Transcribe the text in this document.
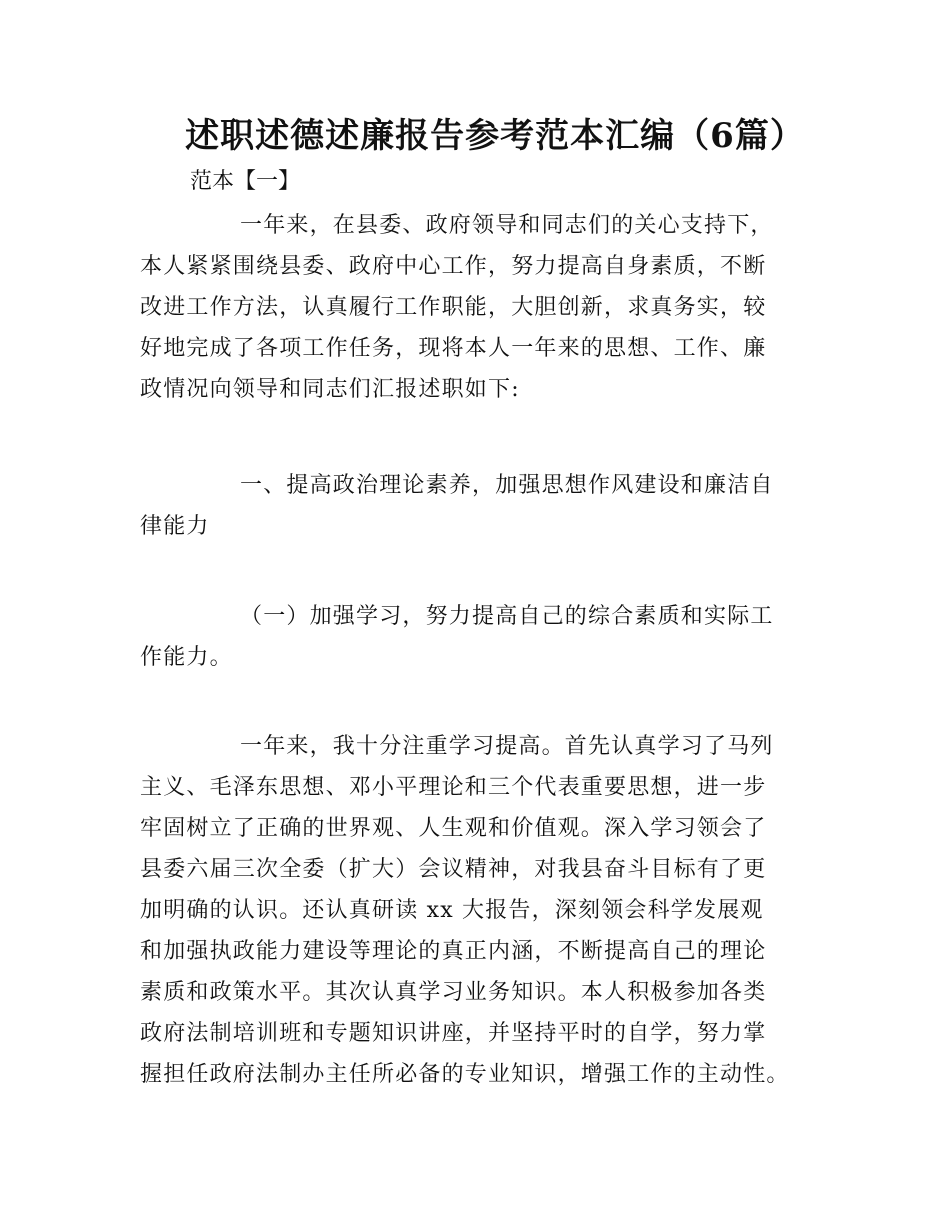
述职述德述廉报告参考范本汇编（6篇）
范本【一】
一年来，在县委、政府领导和同志们的关心支持下，
本人紧紧围绕县委、政府中心工作，努力提高自身素质，不断
改进工作方法，认真履行工作职能，大胆创新，求真务实，较
好地完成了各项工作任务，现将本人一年来的思想、工作、廉
政情况向领导和同志们汇报述职如下:
一、提高政治理论素养，加强思想作风建设和廉洁自
律能力
（一）加强学习，努力提高自己的综合素质和实际工
作能力。
一年来，我十分注重学习提高。首先认真学习了马列
主义、毛泽东思想、邓小平理论和三个代表重要思想，进一步
牢固树立了正确的世界观、人生观和价值观。深入学习领会了
县委六届三次全委（扩大）会议精神，对我县奋斗目标有了更
加明确的认识。还认真研读 xx 大报告，深刻领会科学发展观
和加强执政能力建设等理论的真正内涵，不断提高自己的理论
素质和政策水平。其次认真学习业务知识。本人积极参加各类
政府法制培训班和专题知识讲座，并坚持平时的自学，努力掌
握担任政府法制办主任所必备的专业知识，增强工作的主动性。
